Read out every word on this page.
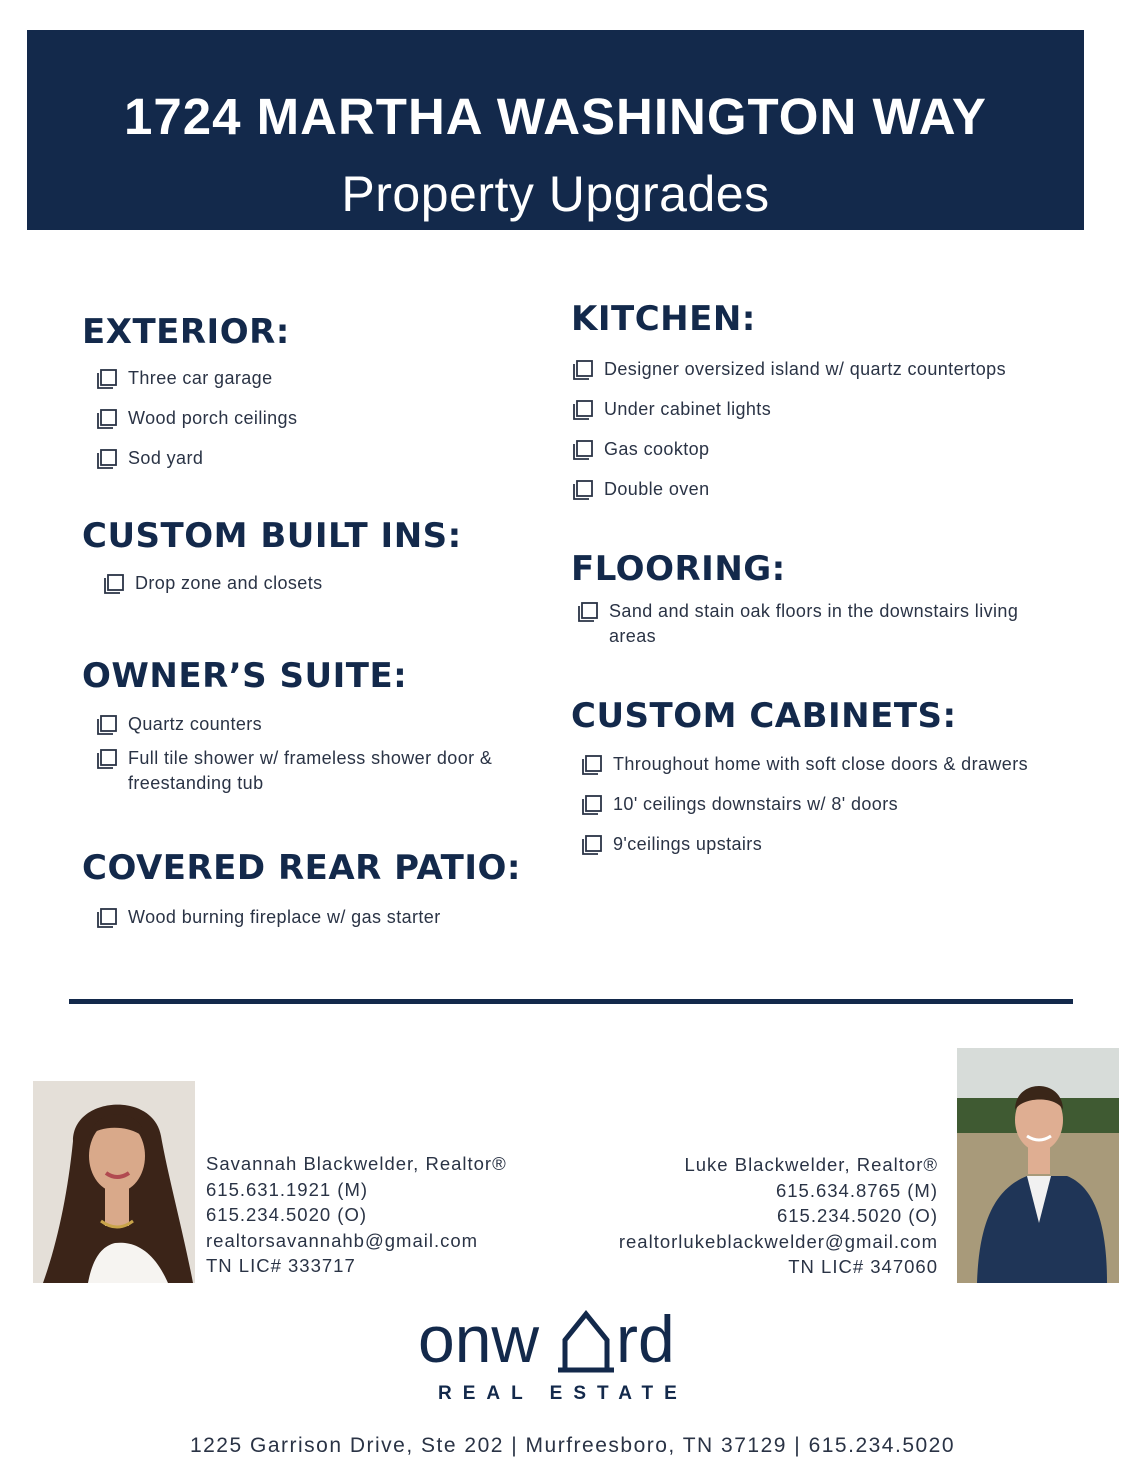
1724 MARTHA WASHINGTON WAY
Property Upgrades
EXTERIOR:
Three car garage
Wood porch ceilings
Sod yard
CUSTOM BUILT INS:
Drop zone and closets
OWNER’S SUITE:
Quartz counters
Full tile shower w/ frameless shower door & freestanding tub
COVERED REAR PATIO:
Wood burning fireplace w/ gas starter
KITCHEN:
Designer oversized island w/ quartz countertops
Under cabinet lights
Gas cooktop
Double oven
FLOORING:
Sand and stain oak floors in the downstairs living areas
CUSTOM CABINETS:
Throughout home with soft close doors & drawers
10' ceilings downstairs w/ 8' doors
9'ceilings upstairs
Savannah Blackwelder, Realtor®
615.631.1921 (M)
615.234.5020 (O)
realtorsavannahb@gmail.com
TN LIC# 333717
Luke Blackwelder, Realtor®
615.634.8765 (M)
615.234.5020 (O)
realtorlukeblackwelder@gmail.com
TN LIC# 347060
onw rd
REAL ESTATE
1225 Garrison Drive, Ste 202 | Murfreesboro, TN 37129 | 615.234.5020
